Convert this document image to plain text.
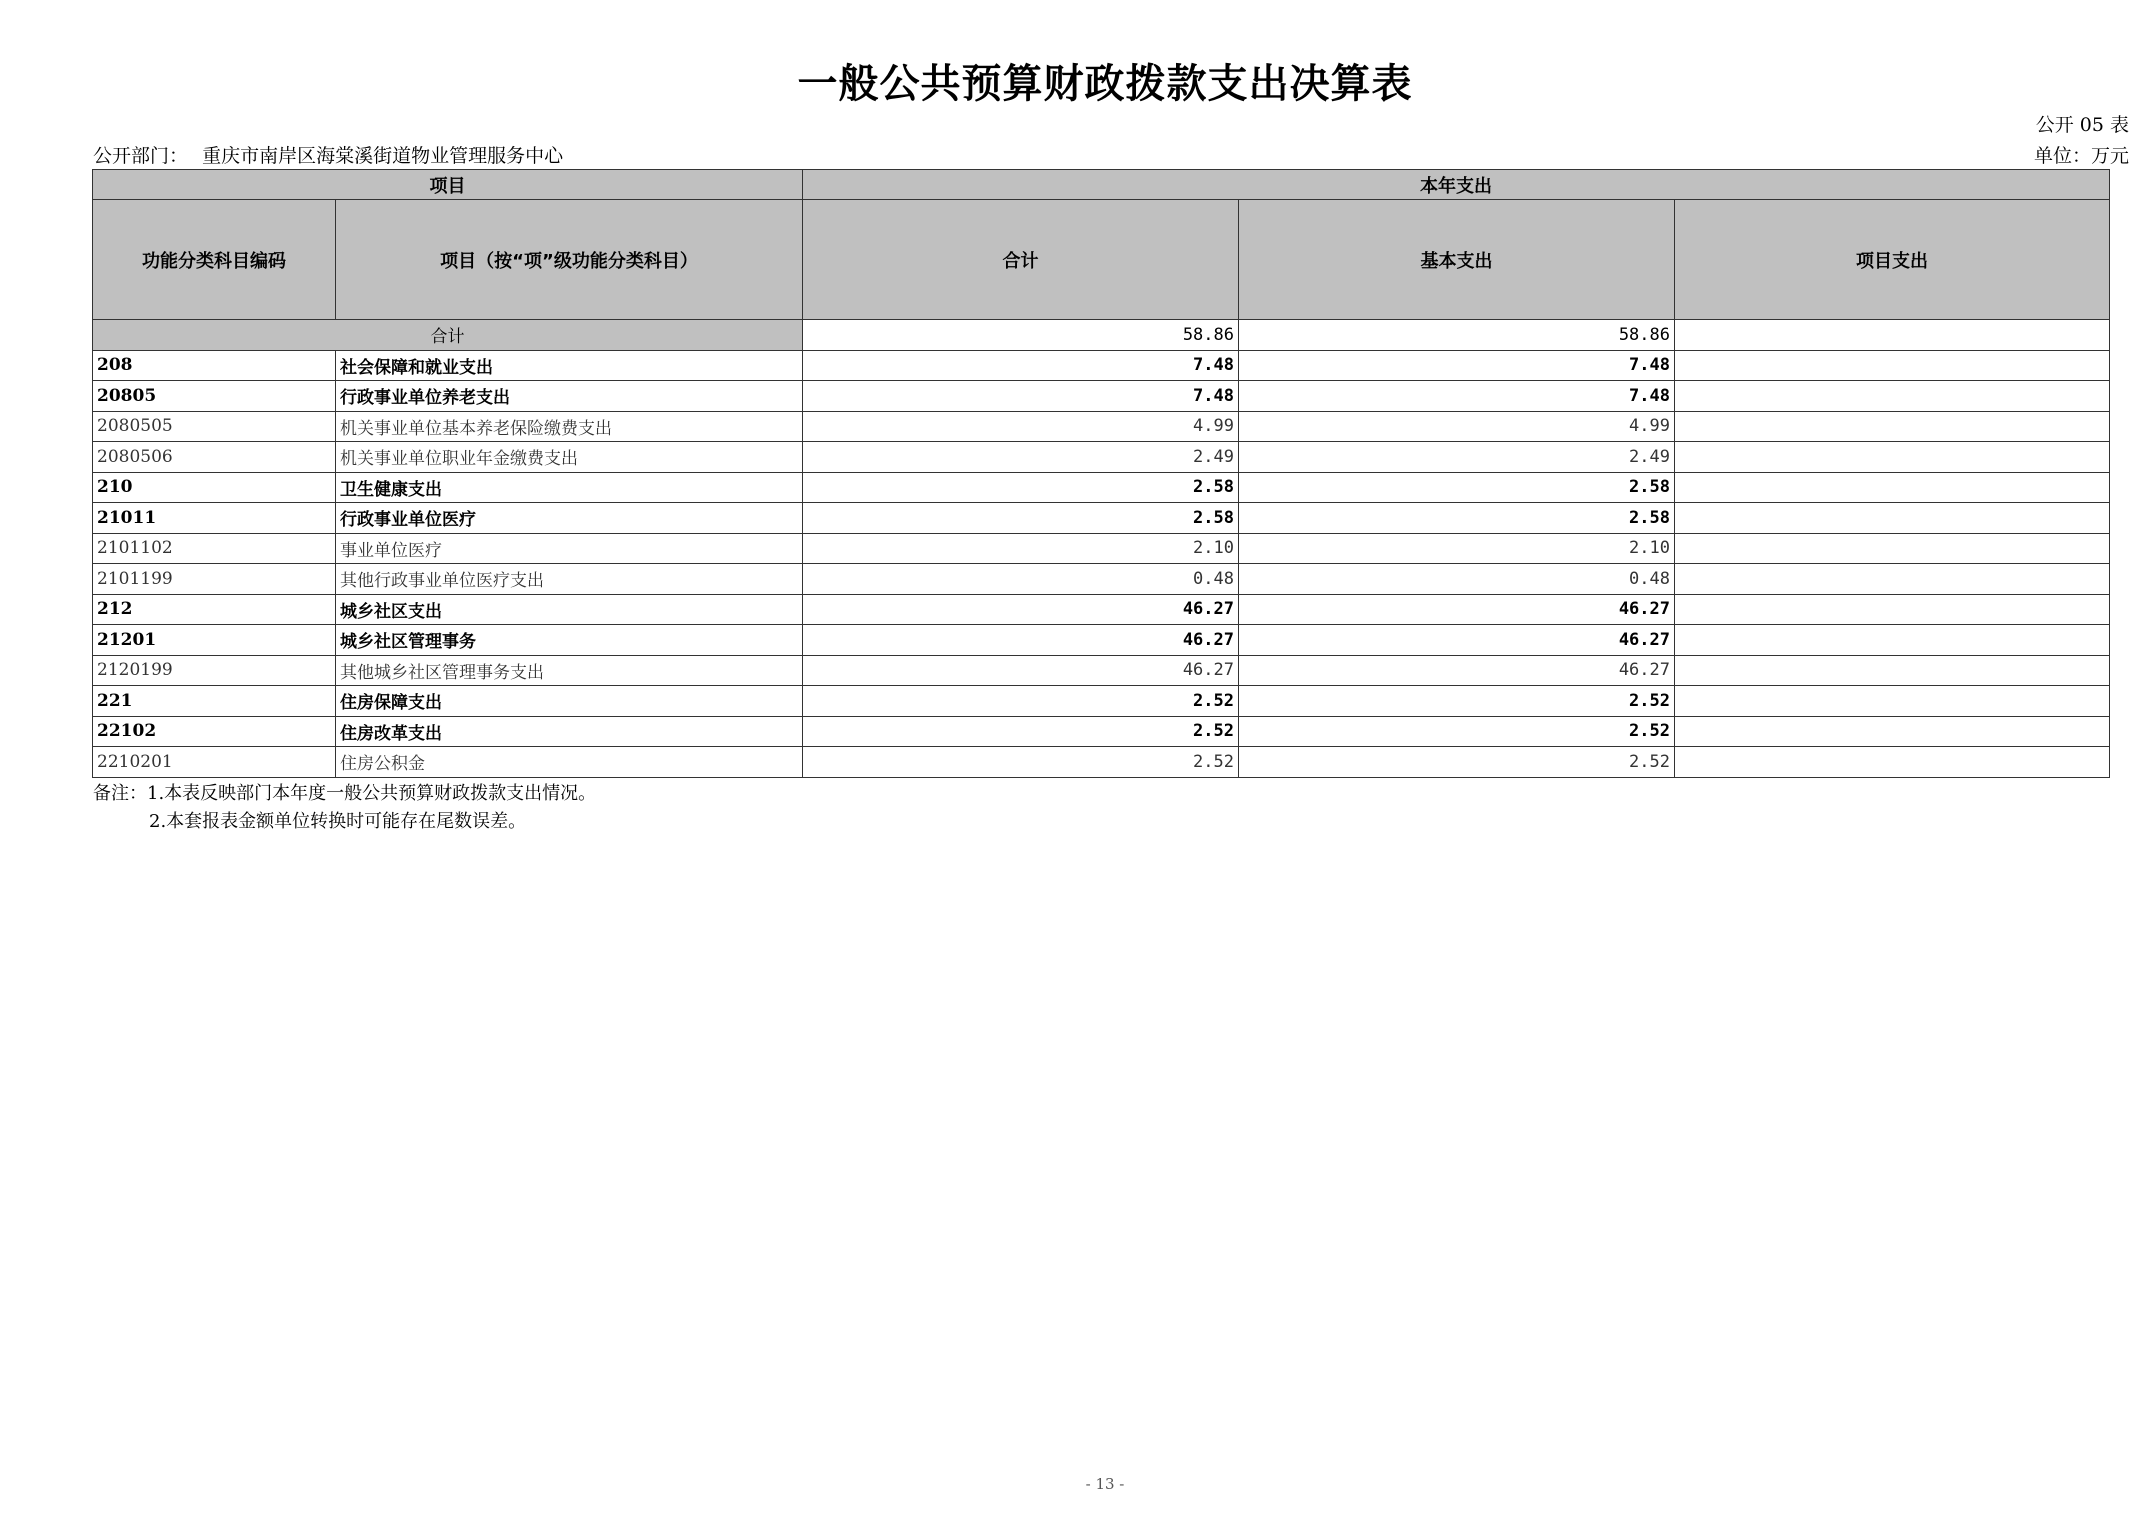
一般公共预算财政拨款支出决算表
公开 05 表
公开部门： 重庆市南岸区海棠溪街道物业管理服务中心	单位：万元
项目		本年支出		
功能分类科目编码	项目（按“项”级功能分类科目）	合计	基本支出	项目支出
合计		58.86	58.86	
208	社会保障和就业支出	7.48	7.48	
20805	行政事业单位养老支出	7.48	7.48	
2080505	机关事业单位基本养老保险缴费支出	4.99	4.99	
2080506	机关事业单位职业年金缴费支出	2.49	2.49	
210	卫生健康支出	2.58	2.58	
21011	行政事业单位医疗	2.58	2.58	
2101102	事业单位医疗	2.10	2.10	
2101199	其他行政事业单位医疗支出	0.48	0.48	
212	城乡社区支出	46.27	46.27	
21201	城乡社区管理事务	46.27	46.27	
2120199	其他城乡社区管理事务支出	46.27	46.27	
221	住房保障支出	2.52	2.52	
22102	住房改革支出	2.52	2.52	
2210201	住房公积金	2.52	2.52	
备注：1.本表反映部门本年度一般公共预算财政拨款支出情况。
2.本套报表金额单位转换时可能存在尾数误差。
- 13 -
